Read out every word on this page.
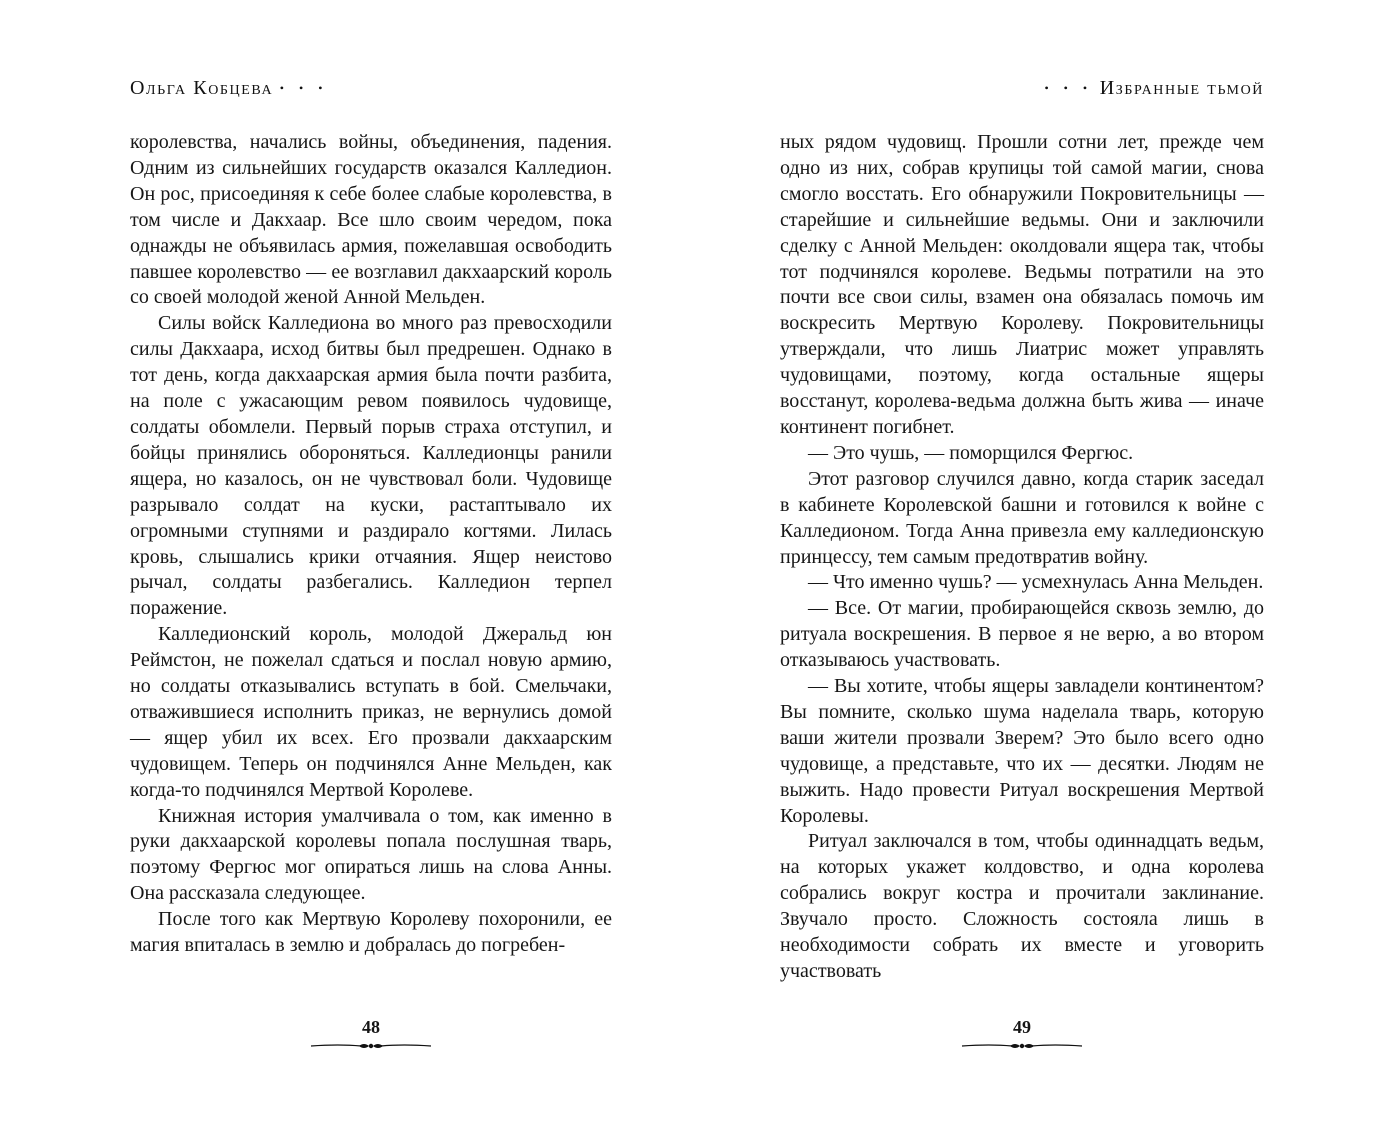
Ольга Кобцева • • •

королевства, начались войны, объединения, падения. Одним из сильнейших государств оказался Калледион. Он рос, присоединяя к себе более слабые королевства, в том числе и Дакхаар. Все шло своим чередом, пока однажды не объявилась армия, пожелавшая освободить павшее королевство — ее возглавил дакхаарский король со своей молодой женой Анной Мельден.

Силы войск Калледиона во много раз превосходили силы Дакхаара, исход битвы был предрешен. Однако в тот день, когда дакхаарская армия была почти разбита, на поле с ужасающим ревом появилось чудовище, солдаты обомлели. Первый порыв страха отступил, и бойцы принялись обороняться. Калледионцы ранили ящера, но казалось, он не чувствовал боли. Чудовище разрывало солдат на куски, растаптывало их огромными ступнями и раздирало когтями. Лилась кровь, слышались крики отчаяния. Ящер неистово рычал, солдаты разбегались. Калледион терпел поражение.

Калледионский король, молодой Джеральд юн Реймстон, не пожелал сдаться и послал новую армию, но солдаты отказывались вступать в бой. Смельчаки, отважившиеся исполнить приказ, не вернулись домой — ящер убил их всех. Его прозвали дакхаарским чудовищем. Теперь он подчинялся Анне Мельден, как когда-то подчинялся Мертвой Королеве.

Книжная история умалчивала о том, как именно в руки дакхаарской королевы попала послушная тварь, поэтому Фергюс мог опираться лишь на слова Анны. Она рассказала следующее.

После того как Мертвую Королеву похоронили, ее магия впиталась в землю и добралась до погребен-

48
• • • Избранные тьмой

ных рядом чудовищ. Прошли сотни лет, прежде чем одно из них, собрав крупицы той самой магии, снова смогло восстать. Его обнаружили Покровительницы — старейшие и сильнейшие ведьмы. Они и заключили сделку с Анной Мельден: околдовали ящера так, чтобы тот подчинялся королеве. Ведьмы потратили на это почти все свои силы, взамен она обязалась помочь им воскресить Мертвую Королеву. Покровительницы утверждали, что лишь Лиатрис может управлять чудовищами, поэтому, когда остальные ящеры восстанут, королева-ведьма должна быть жива — иначе континент погибнет.

— Это чушь, — поморщился Фергюс.

Этот разговор случился давно, когда старик заседал в кабинете Королевской башни и готовился к войне с Калледионом. Тогда Анна привезла ему калледионскую принцессу, тем самым предотвратив войну.

— Что именно чушь? — усмехнулась Анна Мельден.

— Все. От магии, пробирающейся сквозь землю, до ритуала воскрешения. В первое я не верю, а во втором отказываюсь участвовать.

— Вы хотите, чтобы ящеры завладели континентом? Вы помните, сколько шума наделала тварь, которую ваши жители прозвали Зверем? Это было всего одно чудовище, а представьте, что их — десятки. Людям не выжить. Надо провести Ритуал воскрешения Мертвой Королевы.

Ритуал заключался в том, чтобы одиннадцать ведьм, на которых укажет колдовство, и одна королева собрались вокруг костра и прочитали заклинание. Звучало просто. Сложность состояла лишь в необходимости собрать их вместе и уговорить участвовать

49
